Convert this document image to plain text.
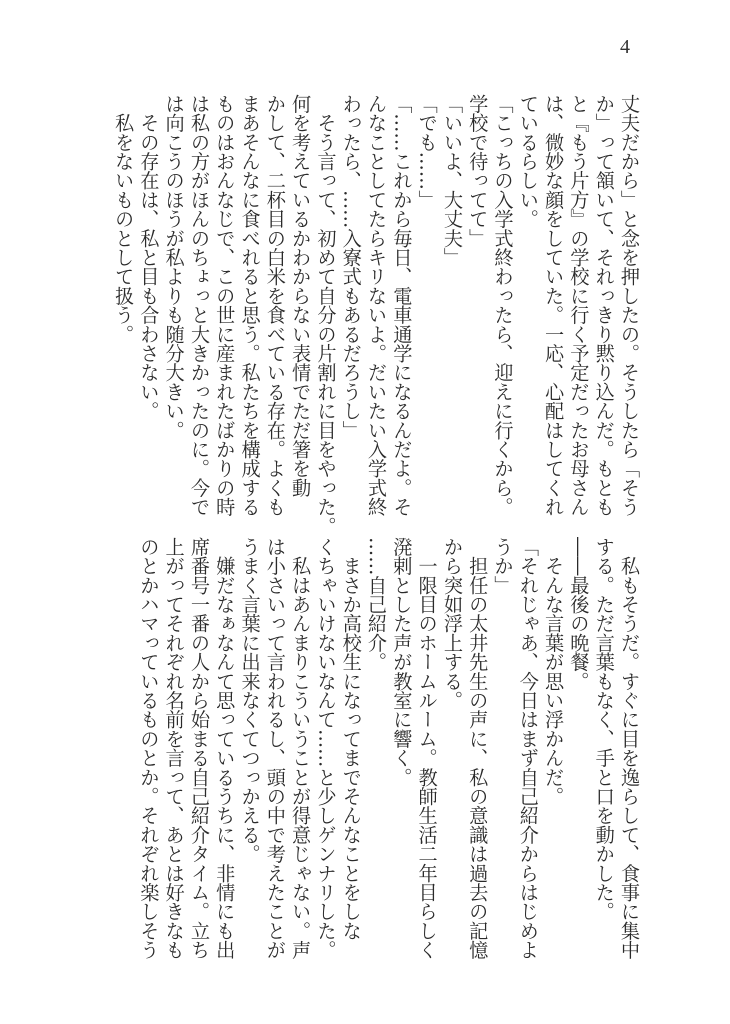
4
丈夫だから」と念を押したの。そうしたら「そう
か」って頷いて、それっきり黙り込んだ。もとも
と『もう片方』の学校に行く予定だったお母さん
は、微妙な顔をしていた。一応、心配はしてくれ
ているらしい。
「こっちの入学式終わったら、迎えに行くから。
学校で待ってて」
「いいよ、大丈夫」
「でも……」
「……これから毎日、電車通学になるんだよ。そ
んなことしてたらキリないよ。だいたい入学式終
わったら、……入寮式もあるだろうし」
　そう言って、初めて自分の片割れに目をやった。
何を考えているかわからない表情でただ箸を動
かして、二杯目の白米を食べている存在。よくも
まあそんなに食べれると思う。私たちを構成する
ものはおんなじで、この世に産まれたばかりの時
は私の方がほんのちょっと大きかったのに。今で
は向こうのほうが私よりも随分大きい。
　その存在は、私と目も合わさない。
　私をないものとして扱う。
　私もそうだ。すぐに目を逸らして、食事に集中
する。ただ言葉もなく、手と口を動かした。
――最後の晩餐。
　そんな言葉が思い浮かんだ。
「それじゃあ、今日はまず自己紹介からはじめよ
うか」
　担任の太井先生の声に、私の意識は過去の記憶
から突如浮上する。
　一限目のホームルーム。教師生活二年目らしく
溌剌とした声が教室に響く。
……自己紹介。
　まさか高校生になってまでそんなことをしな
くちゃいけないなんて……と少しゲンナリした。
　私はあんまりこういうことが得意じゃない。声
は小さいって言われるし、頭の中で考えたことが
うまく言葉に出来なくてつっかえる。
　嫌だなぁなんて思っているうちに、非情にも出
席番号一番の人から始まる自己紹介タイム。立ち
上がってそれぞれ名前を言って、あとは好きなも
のとかハマっているものとか。それぞれ楽しそう
